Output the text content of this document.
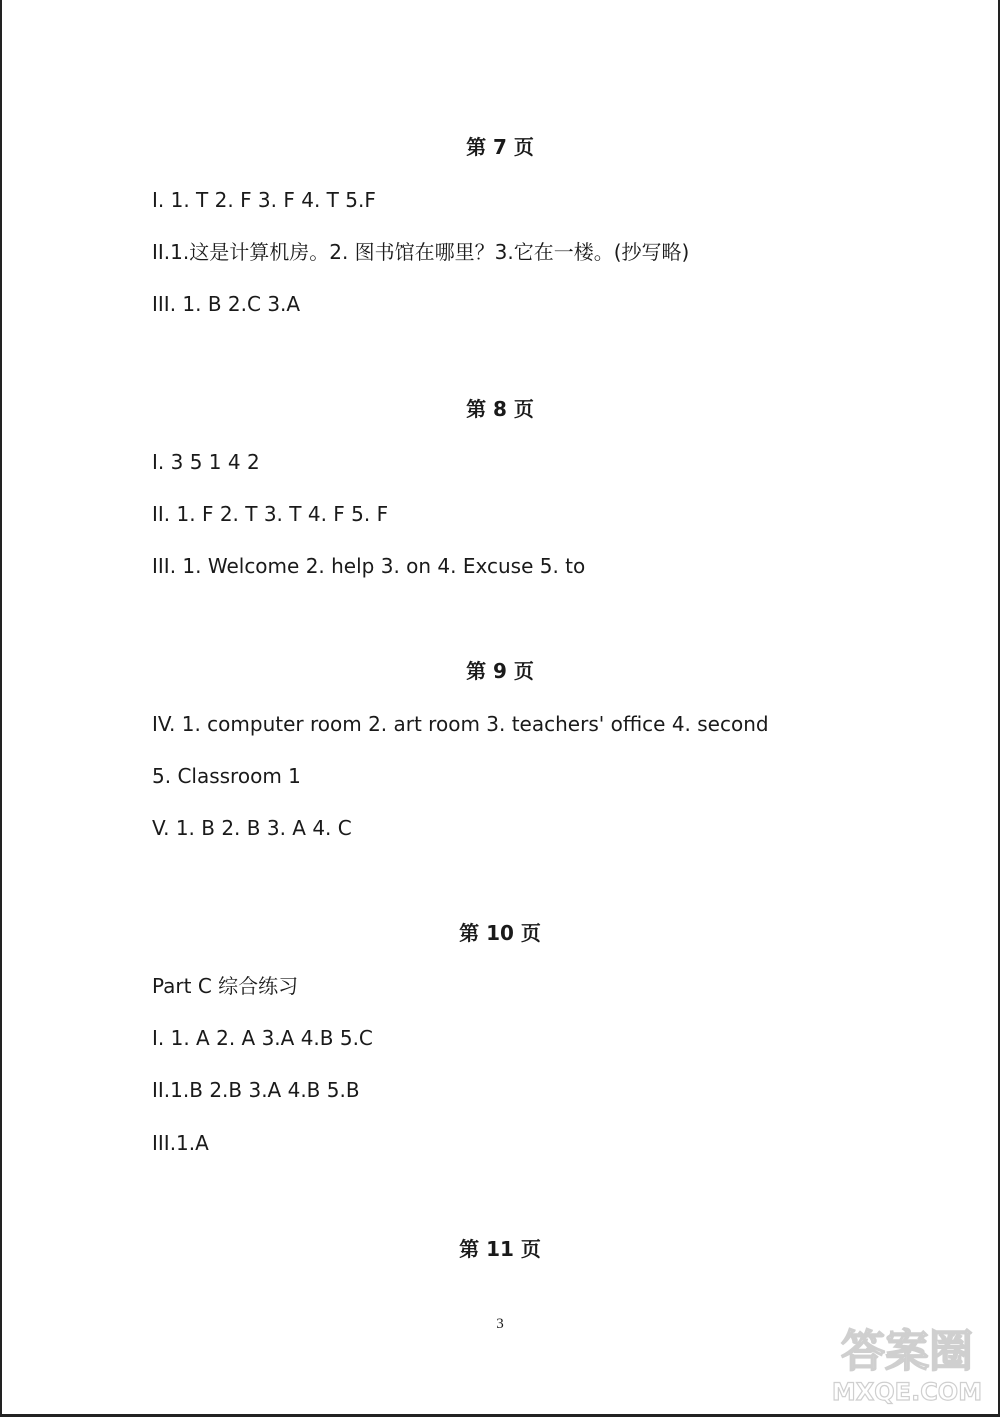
第 7 页
I. 1. T 2. F 3. F 4. T 5.F
II.1.这是计算机房。2. 图书馆在哪里？3.它在一楼。(抄写略)
III. 1. B 2.C 3.A
第 8 页
I. 3 5 1 4 2
II. 1. F 2. T 3. T 4. F 5. F
III. 1. Welcome 2. help 3. on 4. Excuse 5. to
第 9 页
IV. 1. computer room 2. art room 3. teachers' office 4. second
5. Classroom 1
V. 1. B 2. B 3. A 4. C
第 10 页
Part C 综合练习
I. 1. A 2. A 3.A 4.B 5.C
II.1.B 2.B 3.A 4.B 5.B
III.1.A
第 11 页
3
答案圈
MXQE.COM
